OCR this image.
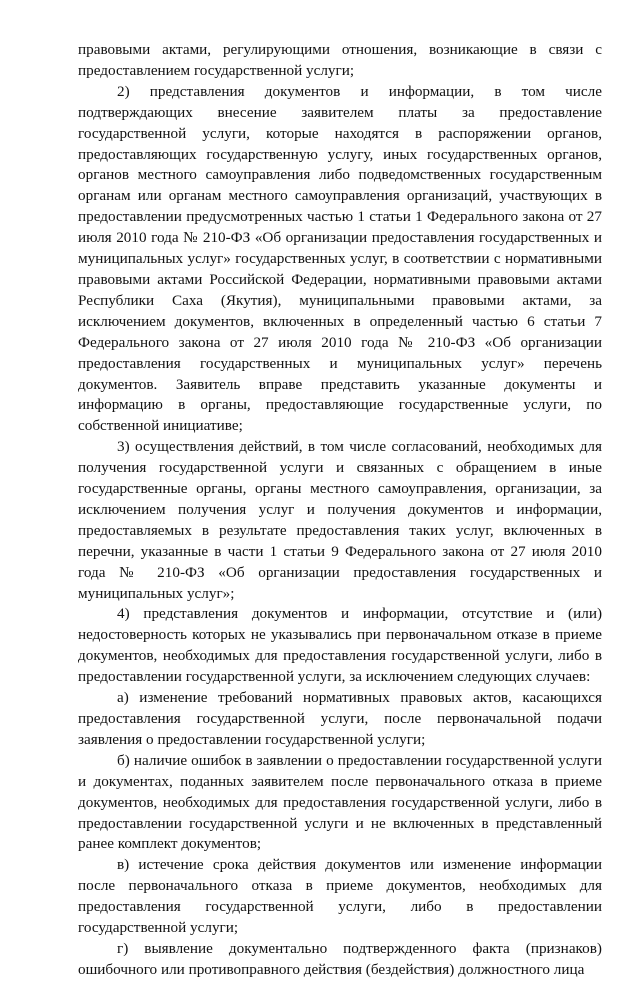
правовыми актами, регулирующими отношения, возникающие в связи с предоставлением государственной услуги;

2) представления документов и информации, в том числе подтверждающих внесение заявителем платы за предоставление государственной услуги, которые находятся в распоряжении органов, предоставляющих государственную услугу, иных государственных органов, органов местного самоуправления либо подведомственных государственным органам или органам местного самоуправления организаций, участвующих в предоставлении предусмотренных частью 1 статьи 1 Федерального закона от 27 июля 2010 года № 210-ФЗ «Об организации предоставления государственных и муниципальных услуг» государственных услуг, в соответствии с нормативными правовыми актами Российской Федерации, нормативными правовыми актами Республики Саха (Якутия), муниципальными правовыми актами, за исключением документов, включенных в определенный частью 6 статьи 7 Федерального закона от 27 июля 2010 года № 210-ФЗ «Об организации предоставления государственных и муниципальных услуг» перечень документов. Заявитель вправе представить указанные документы и информацию в органы, предоставляющие государственные услуги, по собственной инициативе;

3) осуществления действий, в том числе согласований, необходимых для получения государственной услуги и связанных с обращением в иные государственные органы, органы местного самоуправления, организации, за исключением получения услуг и получения документов и информации, предоставляемых в результате предоставления таких услуг, включенных в перечни, указанные в части 1 статьи 9 Федерального закона от 27 июля 2010 года № 210-ФЗ «Об организации предоставления государственных и муниципальных услуг»;

4) представления документов и информации, отсутствие и (или) недостоверность которых не указывались при первоначальном отказе в приеме документов, необходимых для предоставления государственной услуги, либо в предоставлении государственной услуги, за исключением следующих случаев:

а) изменение требований нормативных правовых актов, касающихся предоставления государственной услуги, после первоначальной подачи заявления о предоставлении государственной услуги;

б) наличие ошибок в заявлении о предоставлении государственной услуги и документах, поданных заявителем после первоначального отказа в приеме документов, необходимых для предоставления государственной услуги, либо в предоставлении государственной услуги и не включенных в представленный ранее комплект документов;

в) истечение срока действия документов или изменение информации после первоначального отказа в приеме документов, необходимых для предоставления государственной услуги, либо в предоставлении государственной услуги;

г) выявление документально подтвержденного факта (признаков) ошибочного или противоправного действия (бездействия) должностного лица
